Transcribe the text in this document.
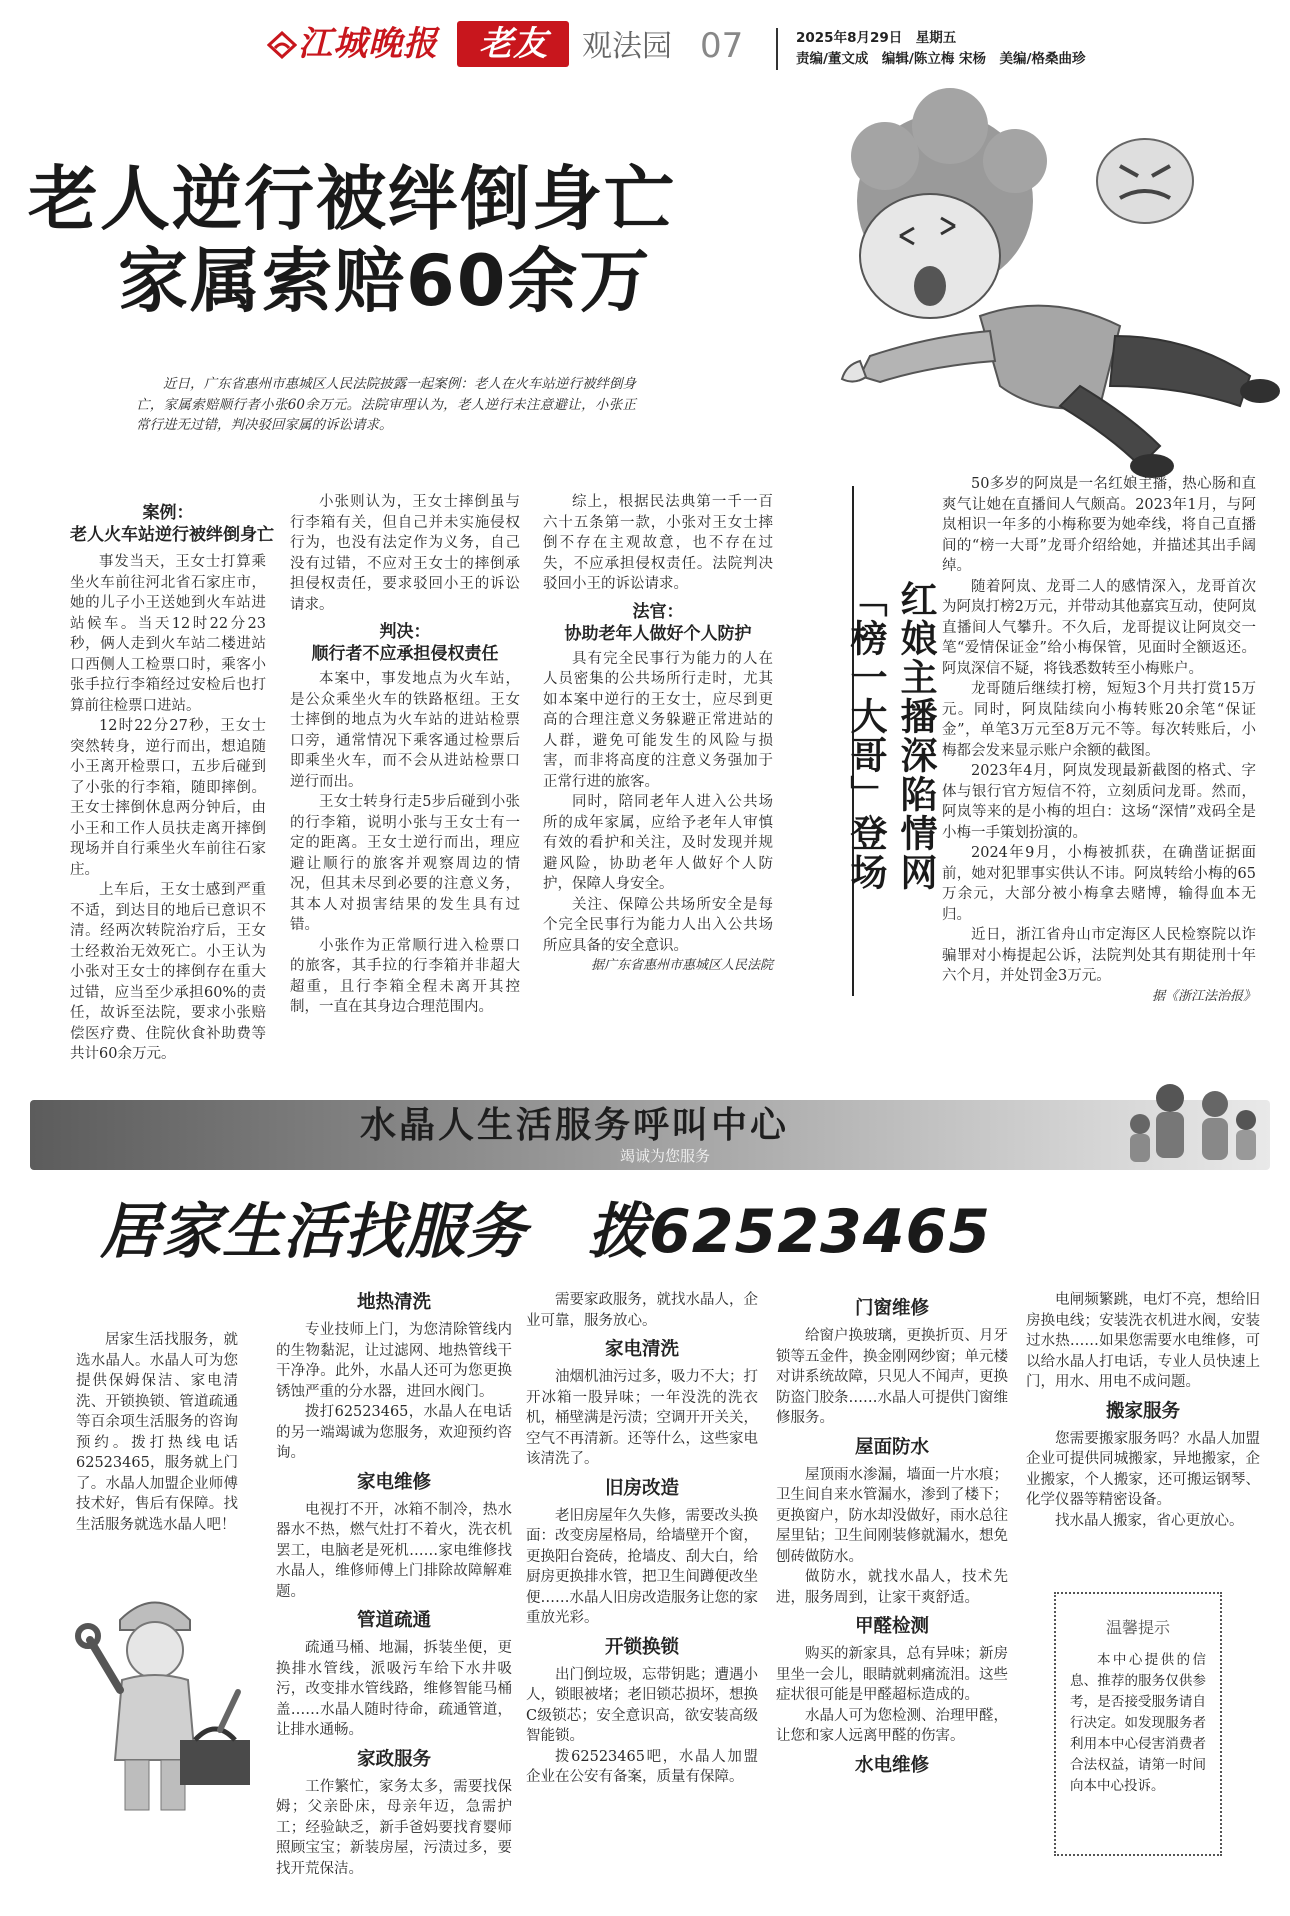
江城晚报	老友	观法园 07	2025年8月29日　星期五
责编/董文成　编辑/陈立梅 宋杨　美编/格桑曲珍
老人逆行被绊倒身亡
家属索赔60余万
近日，广东省惠州市惠城区人民法院披露一起案例：老人在火车站逆行被绊倒身亡，家属索赔顺行者小张60余万元。法院审理认为，老人逆行未注意避让，小张正常行进无过错，判决驳回家属的诉讼请求。
案例：
老人火车站逆行被绊倒身亡

事发当天，王女士打算乘坐火车前往河北省石家庄市，她的儿子小王送她到火车站进站候车。当天12时22分23秒，俩人走到火车站二楼进站口西侧人工检票口时，乘客小张手拉行李箱经过安检后也打算前往检票口进站。

12时22分27秒，王女士突然转身，逆行而出，想追随小王离开检票口，五步后碰到了小张的行李箱，随即摔倒。王女士摔倒休息两分钟后，由小王和工作人员扶走离开摔倒现场并自行乘坐火车前往石家庄。

上车后，王女士感到严重不适，到达目的地后已意识不清。经两次转院治疗后，王女士经救治无效死亡。小王认为小张对王女士的摔倒存在重大过错，应当至少承担60%的责任，故诉至法院，要求小张赔偿医疗费、住院伙食补助费等共计60余万元。

小张则认为，王女士摔倒虽与行李箱有关，但自己并未实施侵权行为，也没有法定作为义务，自己没有过错，不应对王女士的摔倒承担侵权责任，要求驳回小王的诉讼请求。

判决：
顺行者不应承担侵权责任

本案中，事发地点为火车站，是公众乘坐火车的铁路枢纽。王女士摔倒的地点为火车站的进站检票口旁，通常情况下乘客通过检票后即乘坐火车，而不会从进站检票口逆行而出。

王女士转身行走5步后碰到小张的行李箱，说明小张与王女士有一定的距离。王女士逆行而出，理应避让顺行的旅客并观察周边的情况，但其未尽到必要的注意义务，其本人对损害结果的发生具有过错。

小张作为正常顺行进入检票口的旅客，其手拉的行李箱并非超大超重，且行李箱全程未离开其控制，一直在其身边合理范围内。

综上，根据民法典第一千一百六十五条第一款，小张对王女士摔倒不存在主观故意，也不存在过失，不应承担侵权责任。法院判决驳回小王的诉讼请求。

法官：
协助老年人做好个人防护

具有完全民事行为能力的人在人员密集的公共场所行走时，尤其如本案中逆行的王女士，应尽到更高的合理注意义务躲避正常进站的人群，避免可能发生的风险与损害，而非将高度的注意义务强加于正常行进的旅客。

同时，陪同老年人进入公共场所的成年家属，应给予老年人审慎有效的看护和关注，及时发现并规避风险，协助老年人做好个人防护，保障人身安全。

关注、保障公共场所安全是每个完全民事行为能力人出入公共场所应具备的安全意识。

据广东省惠州市惠城区人民法院

红娘主播深陷情网「榜一大哥」登场

50多岁的阿岚是一名红娘主播，热心肠和直爽气让她在直播间人气颇高。2023年1月，与阿岚相识一年多的小梅称要为她牵线，将自己直播间的“榜一大哥”龙哥介绍给她，并描述其出手阔绰。

随着阿岚、龙哥二人的感情深入，龙哥首次为阿岚打榜2万元，并带动其他嘉宾互动，使阿岚直播间人气攀升。不久后，龙哥提议让阿岚交一笔“爱情保证金”给小梅保管，见面时全额返还。阿岚深信不疑，将钱悉数转至小梅账户。

龙哥随后继续打榜，短短3个月共打赏15万元。同时，阿岚陆续向小梅转账20余笔“保证金”，单笔3万元至8万元不等。每次转账后，小梅都会发来显示账户余额的截图。

2023年4月，阿岚发现最新截图的格式、字体与银行官方短信不符，立刻质问龙哥。然而，阿岚等来的是小梅的坦白：这场“深情”戏码全是小梅一手策划扮演的。

2024年9月，小梅被抓获，在确凿证据面前，她对犯罪事实供认不讳。阿岚转给小梅的65万余元，大部分被小梅拿去赌博，输得血本无归。

近日，浙江省舟山市定海区人民检察院以诈骗罪对小梅提起公诉，法院判处其有期徒刑十年六个月，并处罚金3万元。

据《浙江法治报》

水晶人生活服务呼叫中心
竭诚为您服务
居家生活找服务　拨62523465

居家生活找服务，就选水晶人。水晶人可为您提供保姆保洁、家电清洗、开锁换锁、管道疏通等百余项生活服务的咨询预约。拨打热线电话62523465，服务就上门了。水晶人加盟企业师傅技术好，售后有保障。找生活服务就选水晶人吧！

地热清洗

专业技师上门，为您清除管线内的生物黏泥，让过滤网、地热管线干干净净。此外，水晶人还可为您更换锈蚀严重的分水器，进回水阀门。

拨打62523465，水晶人在电话的另一端竭诚为您服务，欢迎预约咨询。

家电维修

电视打不开，冰箱不制冷，热水器水不热，燃气灶打不着火，洗衣机罢工，电脑老是死机……家电维修找水晶人，维修师傅上门排除故障解难题。

管道疏通

疏通马桶、地漏，拆装坐便，更换排水管线，派吸污车给下水井吸污，改变排水管线路，维修智能马桶盖……水晶人随时待命，疏通管道，让排水通畅。

家政服务

工作繁忙，家务太多，需要找保姆；父亲卧床，母亲年迈，急需护工；经验缺乏，新手爸妈要找育婴师照顾宝宝；新装房屋，污渍过多，要找开荒保洁。

需要家政服务，就找水晶人，企业可靠，服务放心。

家电清洗

油烟机油污过多，吸力不大；打开冰箱一股异味；一年没洗的洗衣机，桶壁满是污渍；空调开开关关，空气不再清新。还等什么，这些家电该清洗了。

旧房改造

老旧房屋年久失修，需要改头换面：改变房屋格局，给墙壁开个窗，更换阳台瓷砖，抢墙皮、刮大白，给厨房更换排水管，把卫生间蹲便改坐便……水晶人旧房改造服务让您的家重放光彩。

开锁换锁

出门倒垃圾，忘带钥匙；遭遇小人，锁眼被堵；老旧锁芯损坏，想换C级锁芯；安全意识高，欲安装高级智能锁。

拨62523465吧，水晶人加盟企业在公安有备案，质量有保障。

门窗维修

给窗户换玻璃，更换折页、月牙锁等五金件，换金刚网纱窗；单元楼对讲系统故障，只见人不闻声，更换防盗门胶条……水晶人可提供门窗维修服务。

屋面防水

屋顶雨水渗漏，墙面一片水痕；卫生间自来水管漏水，渗到了楼下；更换窗户，防水却没做好，雨水总往屋里钻；卫生间刚装修就漏水，想免刨砖做防水。

做防水，就找水晶人，技术先进，服务周到，让家干爽舒适。

甲醛检测

购买的新家具，总有异味；新房里坐一会儿，眼睛就刺痛流泪。这些症状很可能是甲醛超标造成的。

水晶人可为您检测、治理甲醛，让您和家人远离甲醛的伤害。

水电维修

电闸频繁跳，电灯不亮，想给旧房换电线；安装洗衣机进水阀，安装过水热……如果您需要水电维修，可以给水晶人打电话，专业人员快速上门，用水、用电不成问题。

搬家服务

您需要搬家服务吗？水晶人加盟企业可提供同城搬家，异地搬家，企业搬家，个人搬家，还可搬运钢琴、化学仪器等精密设备。

找水晶人搬家，省心更放心。

温馨提示
本中心提供的信息、推荐的服务仅供参考，是否接受服务请自行决定。如发现服务者利用本中心侵害消费者合法权益，请第一时间向本中心投诉。
